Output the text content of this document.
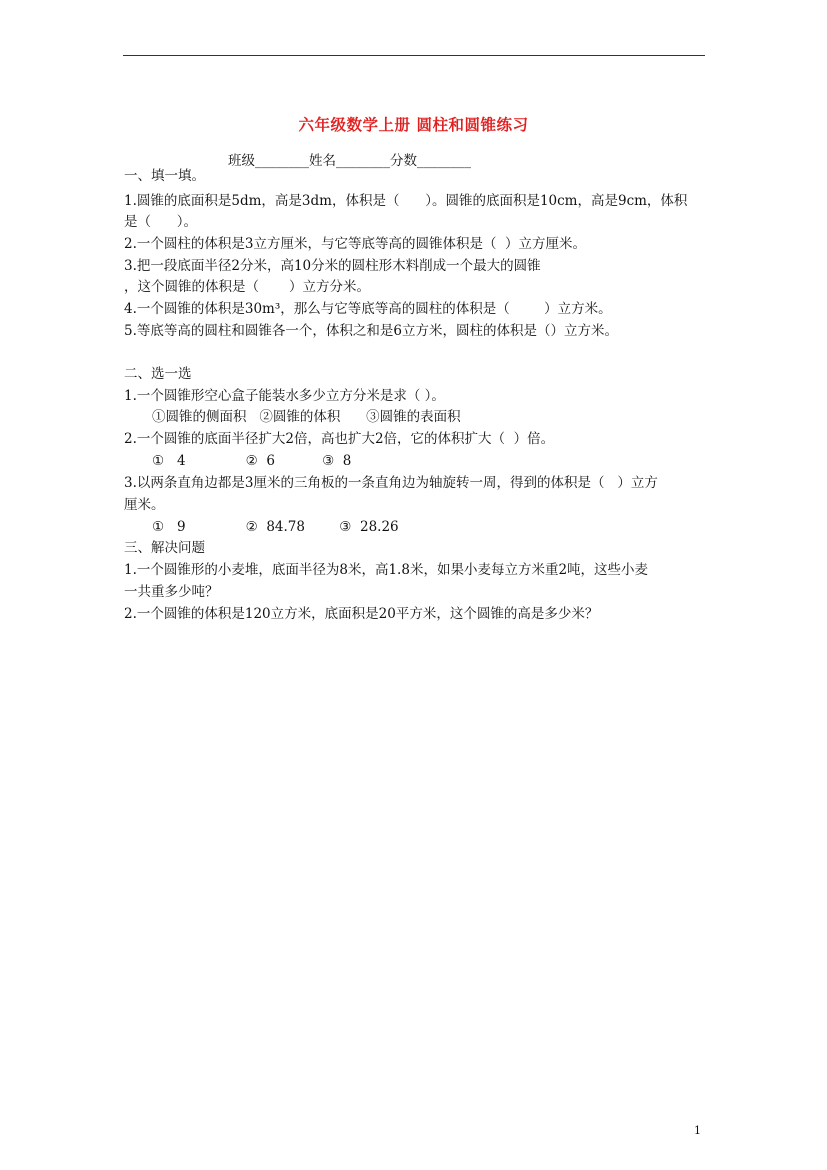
六年级数学上册 圆柱和圆锥练习
班级________姓名________分数________
一、填一填。
1.圆锥的底面积是5dm，高是3dm，体积是（      ）。圆锥的底面积是10cm，高是9cm，体积
是（      ）。
2.一个圆柱的体积是3立方厘米，与它等底等高的圆锥体积是（  ）立方厘米。
3.把一段底面半径2分米，高10分米的圆柱形木料削成一个最大的圆锥
，这个圆锥的体积是（       ）立方分米。
4.一个圆锥的体积是30m³，那么与它等底等高的圆柱的体积是（        ）立方米。
5.等底等高的圆柱和圆锥各一个，体积之和是6立方米，圆柱的体积是（）立方米。
二、选一选
1.一个圆锥形空心盒子能装水多少立方分米是求（ ）。
①圆锥的侧面积   ②圆锥的体积      ③圆锥的表面积
2.一个圆锥的底面半径扩大2倍，高也扩大2倍，它的体积扩大（  ）倍。
①   4              ②  6           ③  8
3.以两条直角边都是3厘米的三角板的一条直角边为轴旋转一周，得到的体积是（   ）立方
厘米。
①   9              ②  84.78        ③  28.26
三、解决问题
1.一个圆锥形的小麦堆，底面半径为8米，高1.8米，如果小麦每立方米重2吨，这些小麦
一共重多少吨？
2.一个圆锥的体积是120立方米，底面积是20平方米，这个圆锥的高是多少米？
1
